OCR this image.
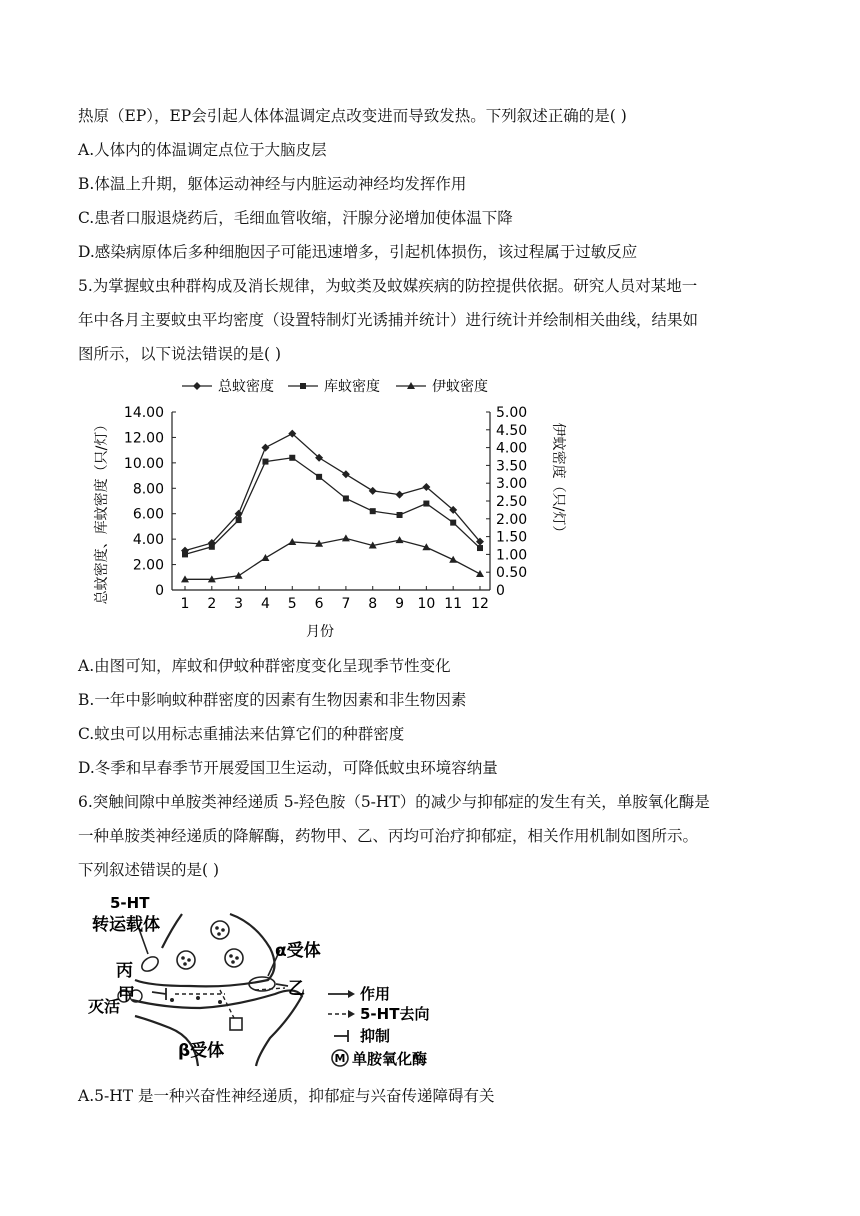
热原（EP），EP会引起人体体温调定点改变进而导致发热。下列叙述正确的是( )
A.人体内的体温调定点位于大脑皮层
B.体温上升期，躯体运动神经与内脏运动神经均发挥作用
C.患者口服退烧药后，毛细血管收缩，汗腺分泌增加使体温下降
D.感染病原体后多种细胞因子可能迅速增多，引起机体损伤，该过程属于过敏反应
5.为掌握蚊虫种群构成及消长规律，为蚊类及蚊媒疾病的防控提供依据。研究人员对某地一
年中各月主要蚊虫平均密度（设置特制灯光诱捕并统计）进行统计并绘制相关曲线，结果如
图所示，以下说法错误的是( )
总蚊密度	库蚊密度	伊蚊密度
0
2.00
4.00
6.00
8.00
10.00
12.00
14.00
0
0.50
1.00
1.50
2.00
2.50
3.00
3.50
4.00
4.50
5.00
1 2 3 4 5 6 7 8 9 10 11 12
总蚊密度、库蚊密度（只/灯）	伊蚊密度（只/灯）
月份
A.由图可知，库蚊和伊蚊种群密度变化呈现季节性变化
B.一年中影响蚊种群密度的因素有生物因素和非生物因素
C.蚊虫可以用标志重捕法来估算它们的种群密度
D.冬季和早春季节开展爱国卫生运动，可降低蚊虫环境容纳量
6.突触间隙中单胺类神经递质 5-羟色胺（5-HT）的减少与抑郁症的发生有关，单胺氧化酶是
一种单胺类神经递质的降解酶，药物甲、乙、丙均可治疗抑郁症，相关作用机制如图所示。
下列叙述错误的是( )
5-HT
转运载体
丙
甲
灭活
α受体
乙
β受体
作用
5-HT去向
抑制
M 单胺氧化酶
A.5-HT 是一种兴奋性神经递质，抑郁症与兴奋传递障碍有关
